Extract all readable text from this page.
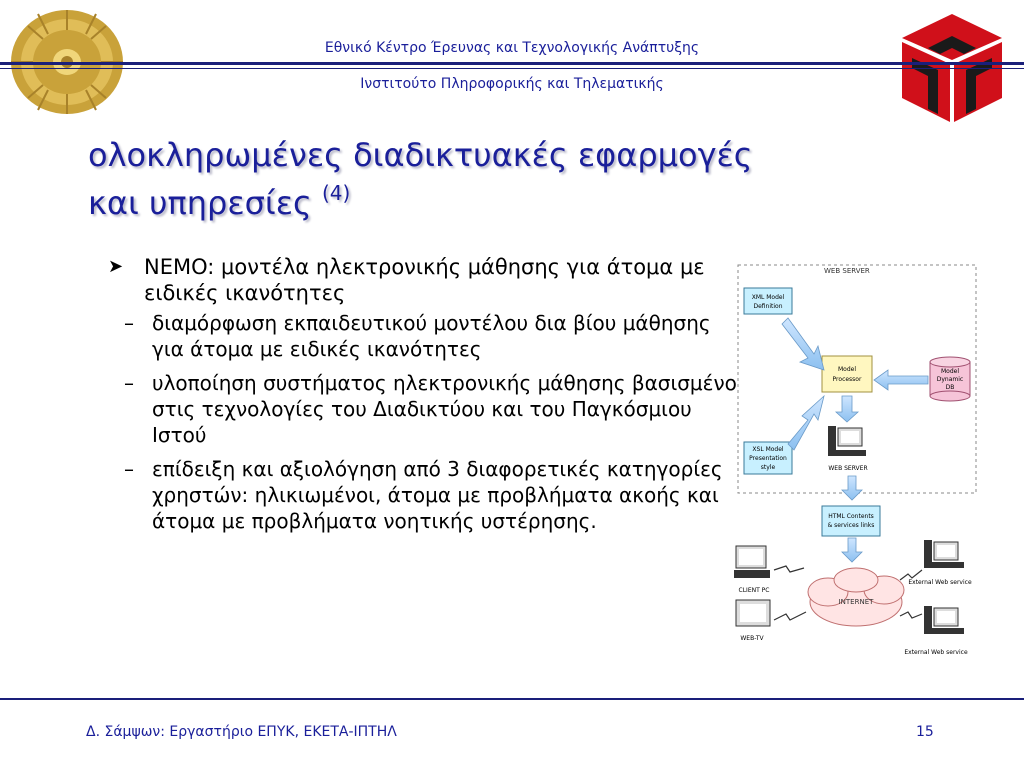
Εθνικό Κέντρο Έρευνας και Τεχνολογικής Ανάπτυξης
Ινστιτούτο Πληροφορικής και Τηλεματικής
ολοκληρωμένες διαδικτυακές εφαρμογές
και υπηρεσίες $^{(4)}$
➤ NEMO: μοντέλα ηλεκτρονικής μάθησης για άτομα με ειδικές ικανότητες
– διαμόρφωση εκπαιδευτικού μοντέλου δια βίου μάθησης για άτομα με ειδικές ικανότητες
– υλοποίηση συστήματος ηλεκτρονικής μάθησης βασισμένο στις τεχνολογίες του Διαδικτύου και του Παγκόσμιου Ιστού
– επίδειξη και αξιολόγηση από 3 διαφορετικές κατηγορίες χρηστών: ηλικιωμένοι, άτομα με προβλήματα ακοής και άτομα με προβλήματα νοητικής υστέρησης.
WEB SERVER
XML Model
Definition
Model
Processor
Model
Dynamic
DB
XSL Model
Presentation
style	WEB SERVER
HTML Contents
& services links
INTERNET
CLIENT PC
WEB-TV
External Web service
External Web service
Δ. Σάμψων: Εργαστήριο ΕΠΥΚ, ΕΚΕΤΑ-ΙΠΤΗΛ	15
